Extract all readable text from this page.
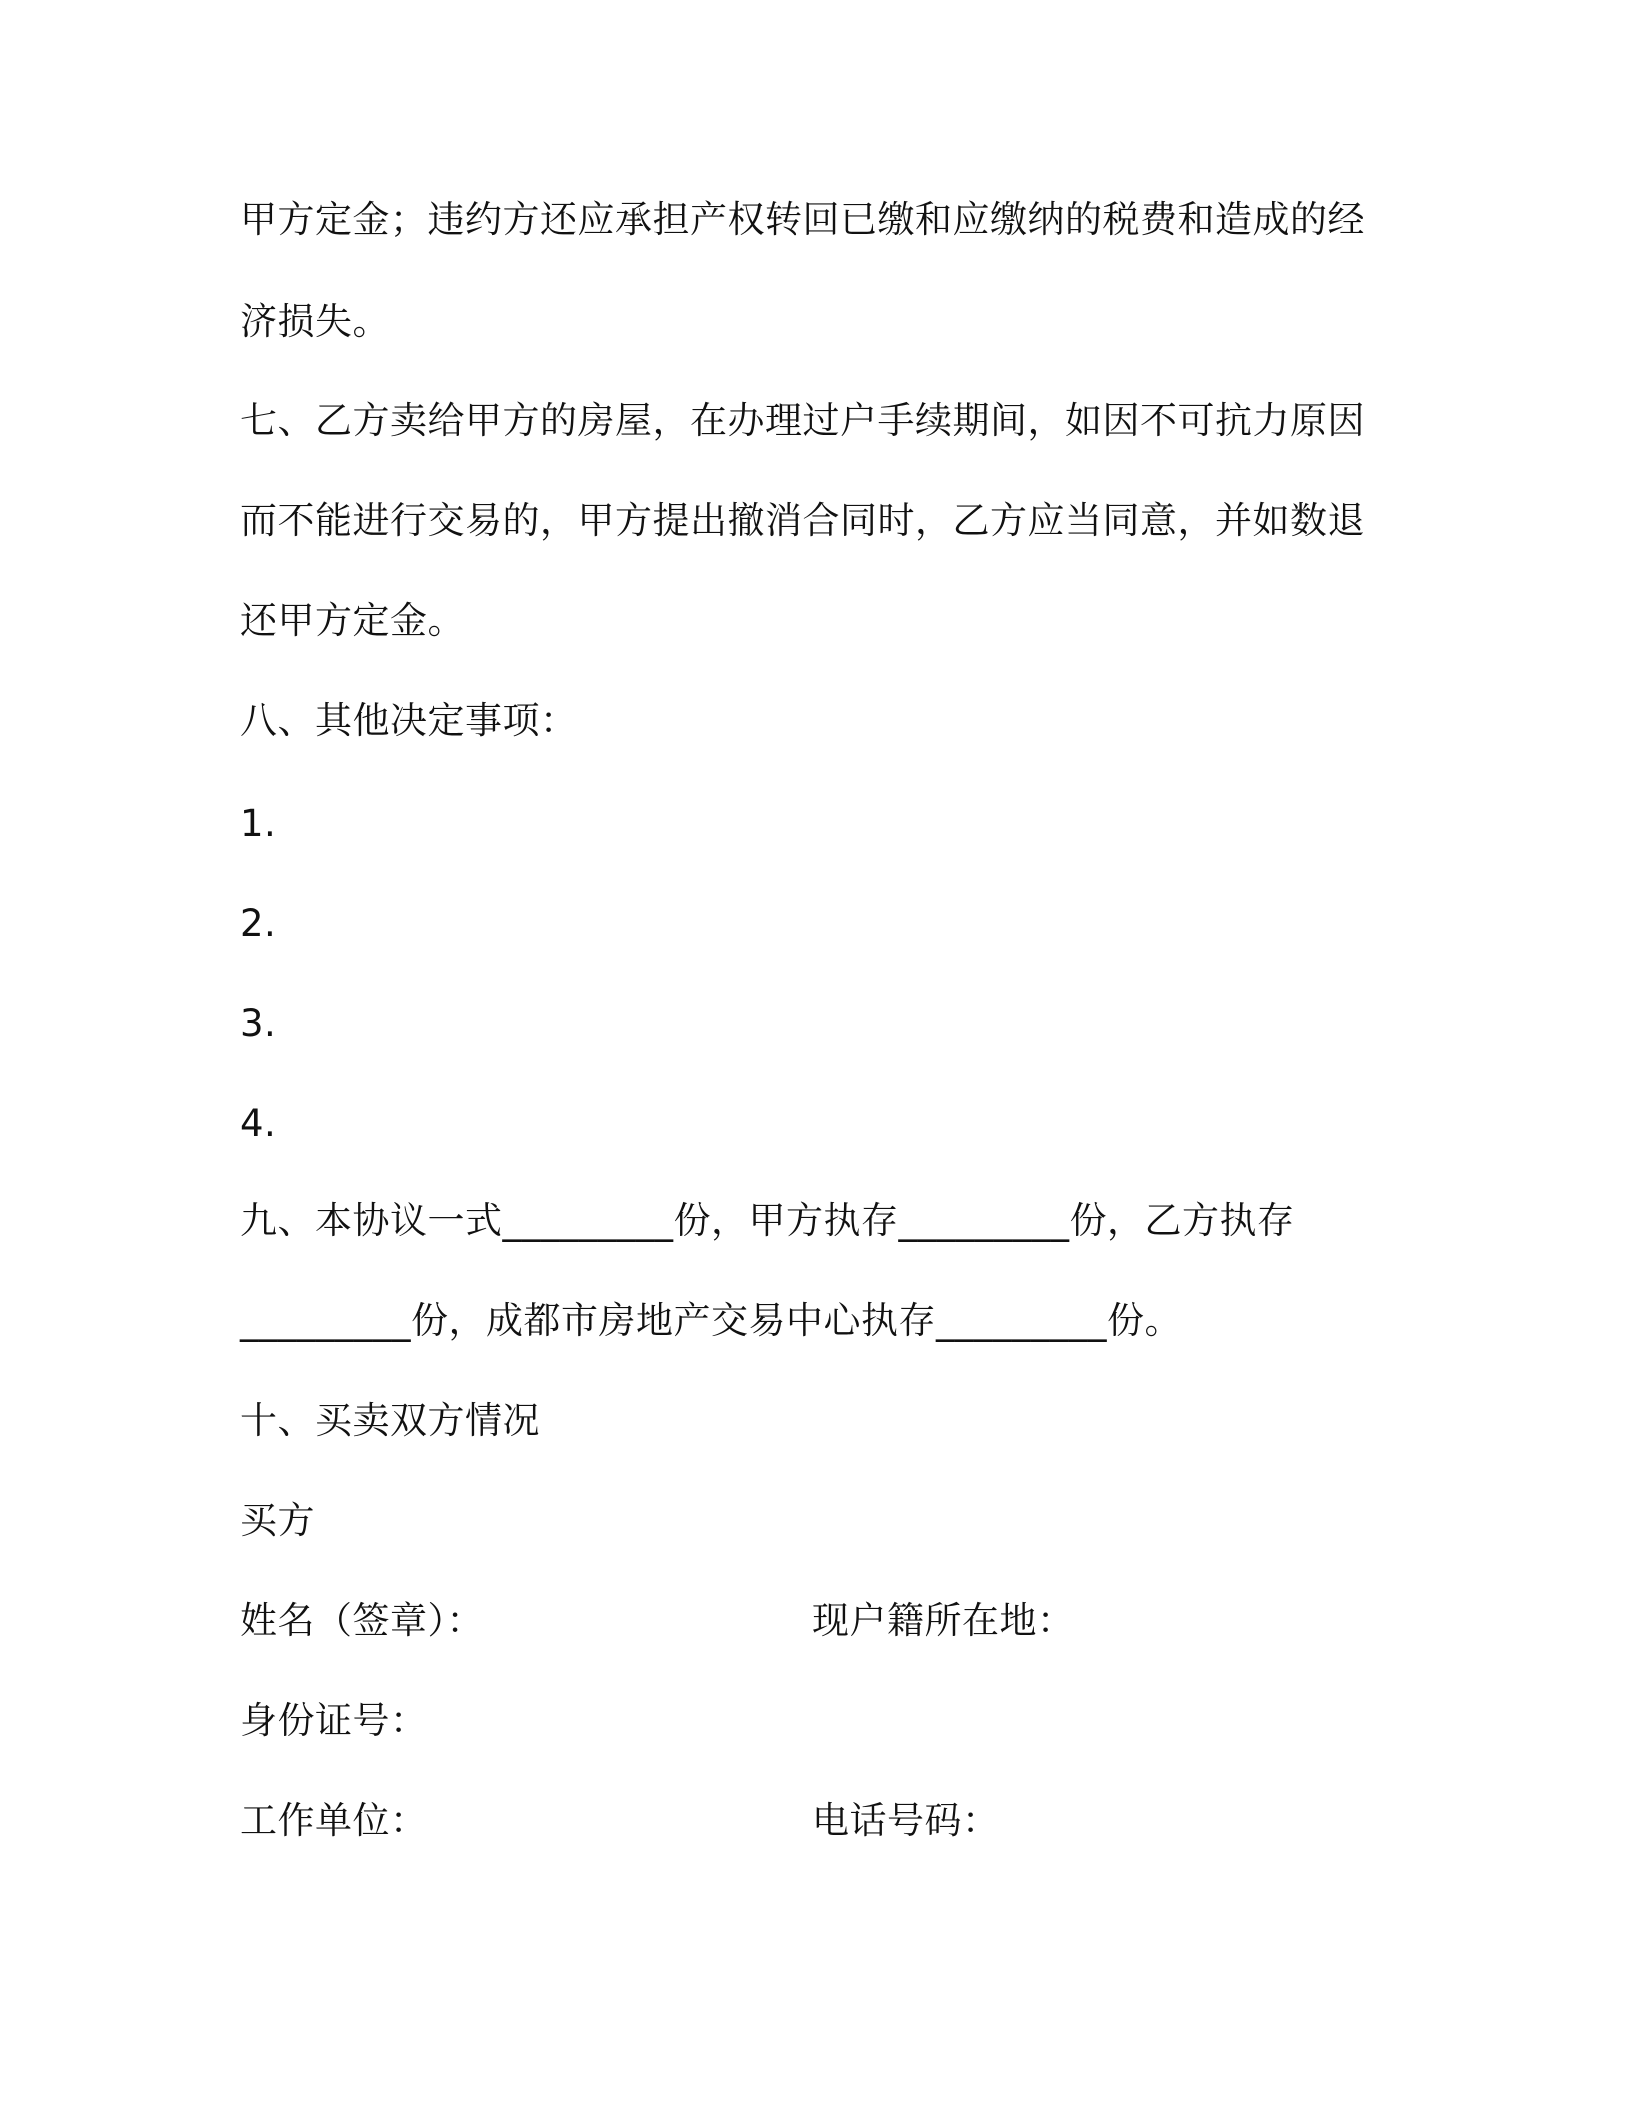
甲方定金；违约方还应承担产权转回已缴和应缴纳的税费和造成的经
济损失。
七、乙方卖给甲方的房屋，在办理过户手续期间，如因不可抗力原因
而不能进行交易的，甲方提出撤消合同时，乙方应当同意，并如数退
还甲方定金。
八、其他决定事项：
1.
2.
3.
4.
九、本协议一式_________份，甲方执存_________份，乙方执存
_________份，成都市房地产交易中心执存_________份。
十、买卖双方情况
买方
姓名（签章）：	现户籍所在地：
身份证号：
工作单位：	电话号码：
